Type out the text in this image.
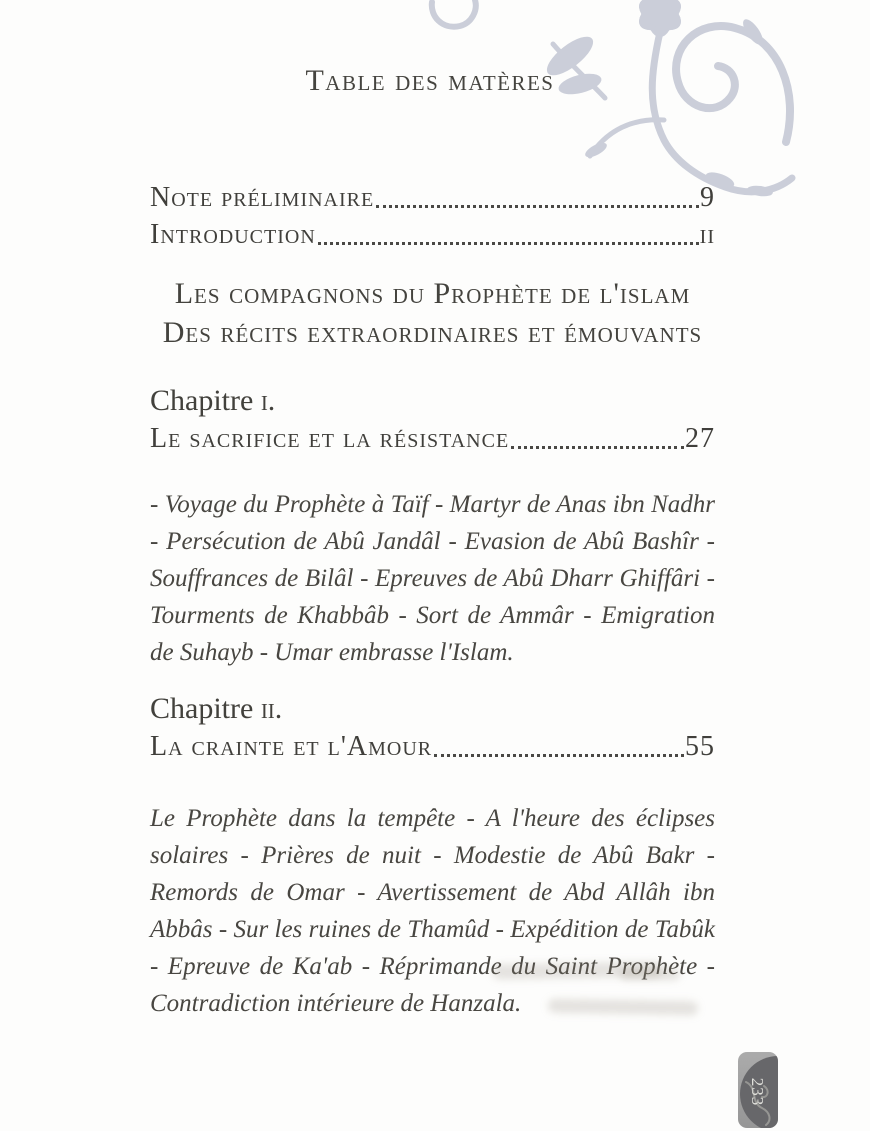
Table des matères
Note préliminaire	9
Introduction	ii
Les compagnons du Prophète de l'islam
Des récits extraordinaires et émouvants
Chapitre i.
Le sacrifice et la résistance	27

- Voyage du Prophète à Taïf - Martyr de Anas ibn Nadhr - Persécution de Abû Jandâl - Evasion de Abû Bashîr - Souffrances de Bilâl - Epreuves de Abû Dharr Ghiffâri - Tourments de Khabbâb - Sort de Ammâr - Emigration de Suhayb - Umar embrasse l'Islam.

Chapitre ii.
La crainte et l'Amour	55

Le Prophète dans la tempête - A l'heure des éclipses solaires - Prières de nuit - Modestie de Abû Bakr - Remords de Omar - Avertissement de Abd Allâh ibn Abbâs - Sur les ruines de Thamûd - Expédition de Tabûk - Epreuve de Ka'ab - Réprimande du Saint Prophète - Contradiction intérieure de Hanzala.

233
